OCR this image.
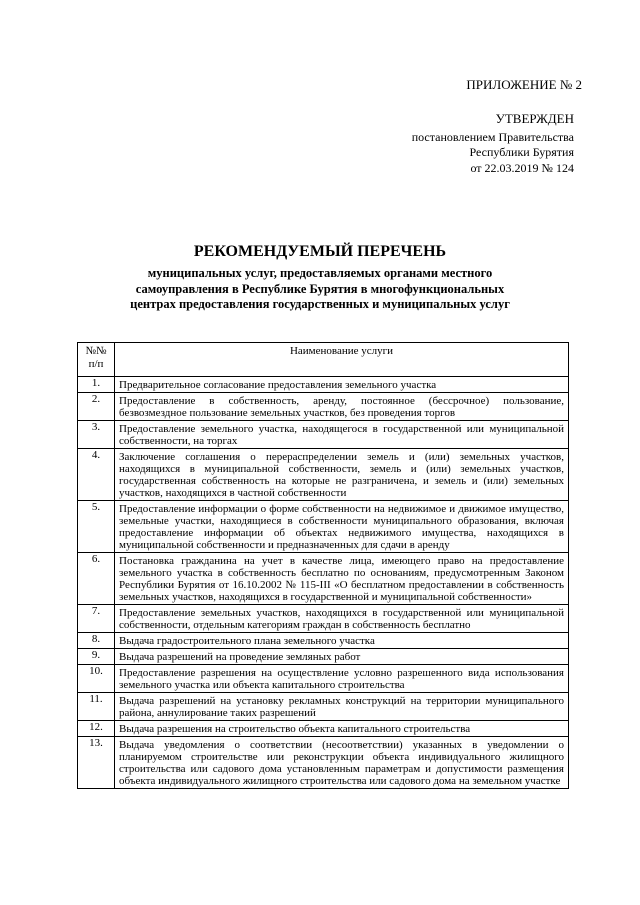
ПРИЛОЖЕНИЕ № 2
УТВЕРЖДЕН
постановлением Правительства
Республики Бурятия
от 22.03.2019 № 124
РЕКОМЕНДУЕМЫЙ ПЕРЕЧЕНЬ
муниципальных услуг, предоставляемых органами местного
самоуправления в Республике Бурятия в многофункциональных
центрах предоставления государственных и муниципальных услуг
№№
п/п	Наименование услуги
1.	Предварительное согласование предоставления земельного участка
2.	Предоставление в собственность, аренду, постоянное (бессрочное) пользование, безвозмездное пользование земельных участков, без проведения торгов
3.	Предоставление земельного участка, находящегося в государственной или муниципальной собственности, на торгах
4.	Заключение соглашения о перераспределении земель и (или) земельных участков, находящихся в муниципальной собственности, земель и (или) земельных участков, государственная собственность на которые не разграничена, и земель и (или) земельных участков, находящихся в частной собственности
5.	Предоставление информации о форме собственности на недвижимое и движимое имущество, земельные участки, находящиеся в собственности муниципального образования, включая предоставление информации об объектах недвижимого имущества, находящихся в муниципальной собственности и предназначенных для сдачи в аренду
6.	Постановка гражданина на учет в качестве лица, имеющего право на предоставление земельного участка в собственность бесплатно по основаниям, предусмотренным Законом Республики Бурятия от 16.10.2002 № 115-III «О бесплатном предоставлении в собственность земельных участков, находящихся в государственной и муниципальной собственности»
7.	Предоставление земельных участков, находящихся в государственной или муниципальной собственности, отдельным категориям граждан в собственность бесплатно
8.	Выдача градостроительного плана земельного участка
9.	Выдача разрешений на проведение земляных работ
10.	Предоставление разрешения на осуществление условно разрешенного вида использования земельного участка или объекта капитального строительства
11.	Выдача разрешений на установку рекламных конструкций на территории муниципального района, аннулирование таких разрешений
12.	Выдача разрешения на строительство объекта капитального строительства
13.	Выдача уведомления о соответствии (несоответствии) указанных в уведомлении о планируемом строительстве или реконструкции объекта индивидуального жилищного строительства или садового дома установленным параметрам и допустимости размещения объекта индивидуального жилищного строительства или садового дома на земельном участке
